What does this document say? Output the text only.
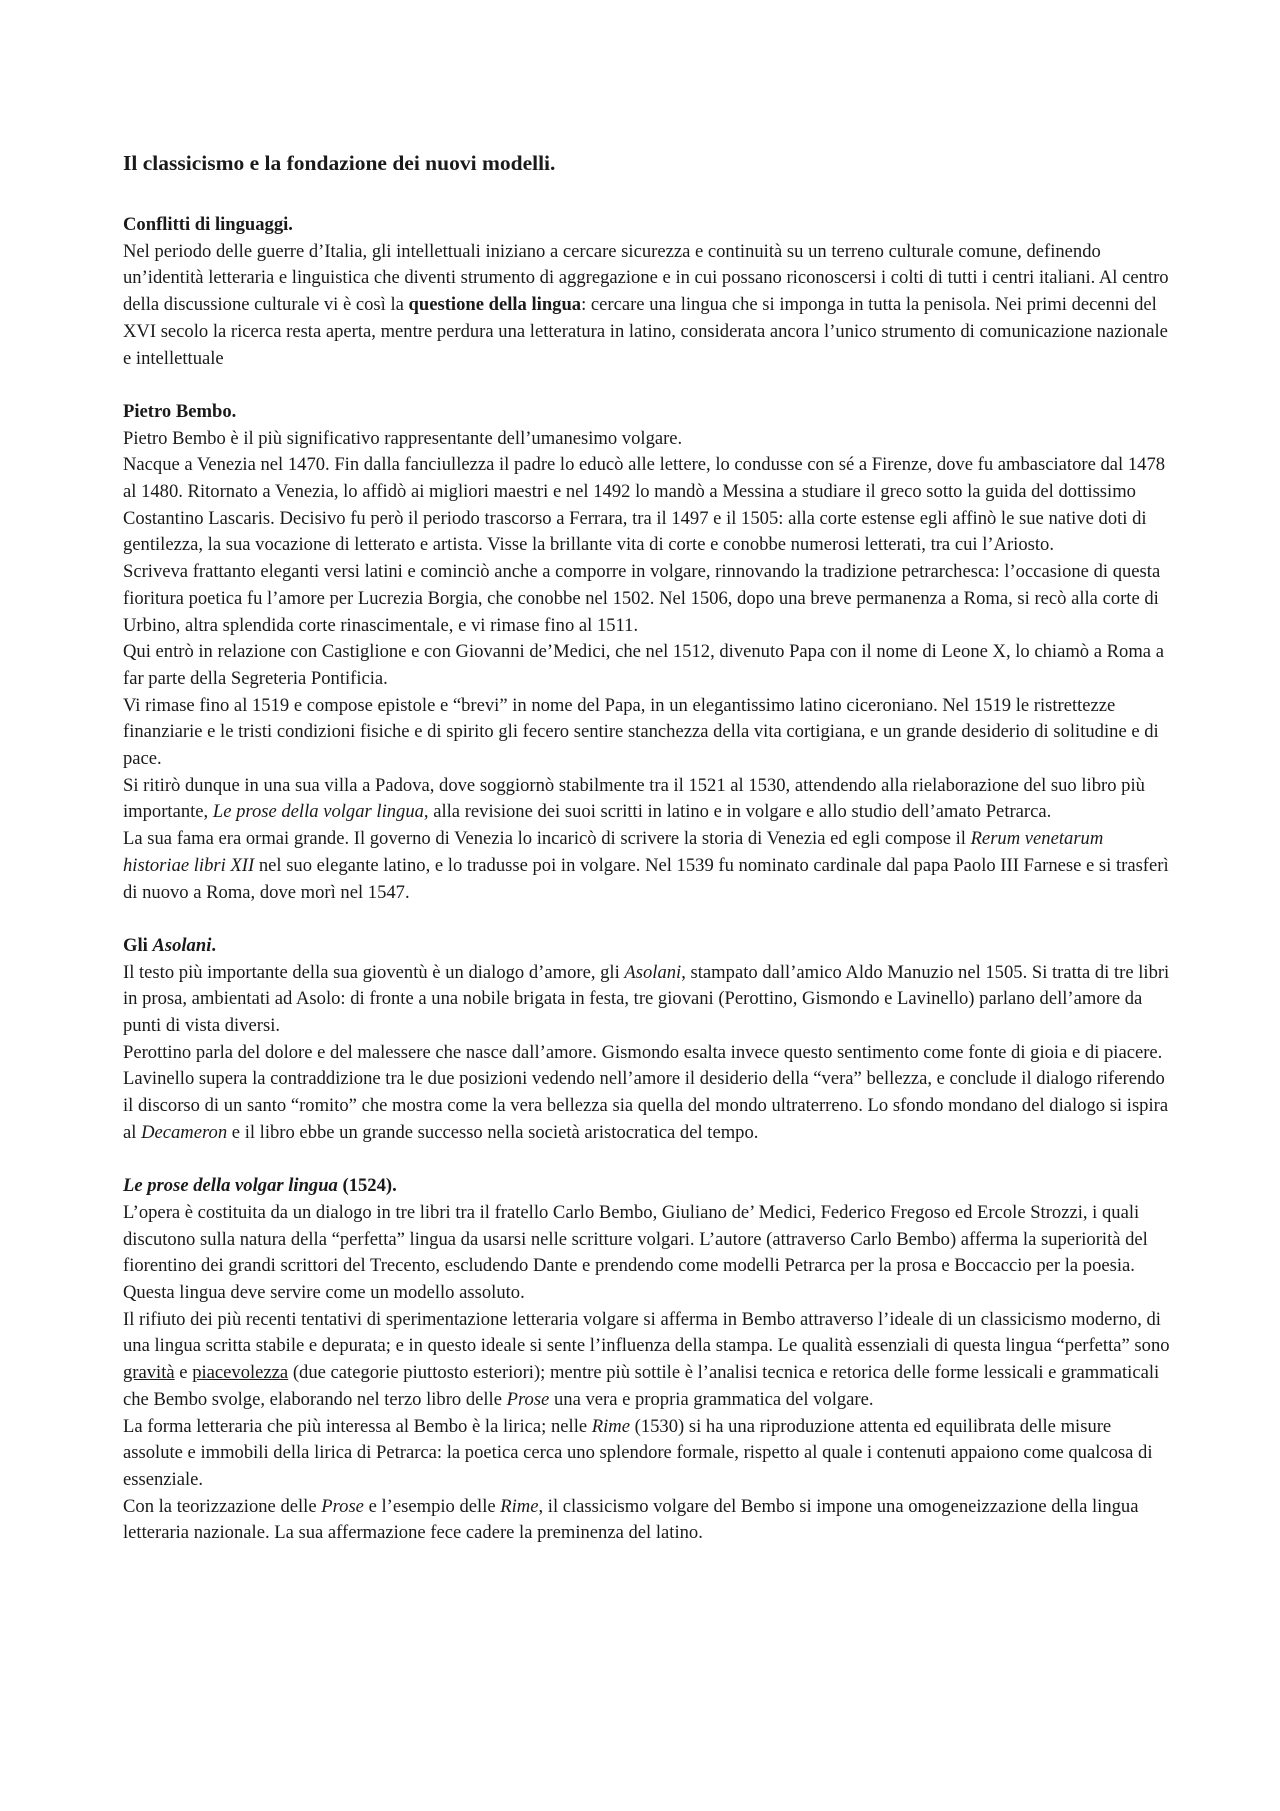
Il classicismo e la fondazione dei nuovi modelli.
Conflitti di linguaggi.

Nel periodo delle guerre d’Italia, gli intellettuali iniziano a cercare sicurezza e continuità su un terreno culturale comune, definendo un’identità letteraria e linguistica che diventi strumento di aggregazione e in cui possano riconoscersi i colti di tutti i centri italiani. Al centro della discussione culturale vi è così la questione della lingua: cercare una lingua che si imponga in tutta la penisola. Nei primi decenni del XVI secolo la ricerca resta aperta, mentre perdura una letteratura in latino, considerata ancora l’unico strumento di comunicazione nazionale e intellettuale

Pietro Bembo.

Pietro Bembo è il più significativo rappresentante dell’umanesimo volgare.

Nacque a Venezia nel 1470. Fin dalla fanciullezza il padre lo educò alle lettere, lo condusse con sé a Firenze, dove fu ambasciatore dal 1478 al 1480. Ritornato a Venezia, lo affidò ai migliori maestri e nel 1492 lo mandò a Messina a studiare il greco sotto la guida del dottissimo Costantino Lascaris. Decisivo fu però il periodo trascorso a Ferrara, tra il 1497 e il 1505: alla corte estense egli affinò le sue native doti di gentilezza, la sua vocazione di letterato e artista. Visse la brillante vita di corte e conobbe numerosi letterati, tra cui l’Ariosto.

Scriveva frattanto eleganti versi latini e cominciò anche a comporre in volgare, rinnovando la tradizione petrarchesca: l’occasione di questa fioritura poetica fu l’amore per Lucrezia Borgia, che conobbe nel 1502. Nel 1506, dopo una breve permanenza a Roma, si recò alla corte di Urbino, altra splendida corte rinascimentale, e vi rimase fino al 1511.

Qui entrò in relazione con Castiglione e con Giovanni de’Medici, che nel 1512, divenuto Papa con il nome di Leone X, lo chiamò a Roma a far parte della Segreteria Pontificia.

Vi rimase fino al 1519 e compose epistole e “brevi” in nome del Papa, in un elegantissimo latino ciceroniano. Nel 1519 le ristrettezze finanziarie e le tristi condizioni fisiche e di spirito gli fecero sentire stanchezza della vita cortigiana, e un grande desiderio di solitudine e di pace.

Si ritirò dunque in una sua villa a Padova, dove soggiornò stabilmente tra il 1521 al 1530, attendendo alla rielaborazione del suo libro più importante, Le prose della volgar lingua, alla revisione dei suoi scritti in latino e in volgare e allo studio dell’amato Petrarca.

La sua fama era ormai grande. Il governo di Venezia lo incaricò di scrivere la storia di Venezia ed egli compose il Rerum venetarum historiae libri XII nel suo elegante latino, e lo tradusse poi in volgare. Nel 1539 fu nominato cardinale dal papa Paolo III Farnese e si trasferì di nuovo a Roma, dove morì nel 1547.

Gli Asolani.

Il testo più importante della sua gioventù è un dialogo d’amore, gli Asolani, stampato dall’amico Aldo Manuzio nel 1505. Si tratta di tre libri in prosa, ambientati ad Asolo: di fronte a una nobile brigata in festa, tre giovani (Perottino, Gismondo e Lavinello) parlano dell’amore da punti di vista diversi.

Perottino parla del dolore e del malessere che nasce dall’amore. Gismondo esalta invece questo sentimento come fonte di gioia e di piacere. Lavinello supera la contraddizione tra le due posizioni vedendo nell’amore il desiderio della “vera” bellezza, e conclude il dialogo riferendo il discorso di un santo “romito” che mostra come la vera bellezza sia quella del mondo ultraterreno. Lo sfondo mondano del dialogo si ispira al Decameron e il libro ebbe un grande successo nella società aristocratica del tempo.

Le prose della volgar lingua (1524).

L’opera è costituita da un dialogo in tre libri tra il fratello Carlo Bembo, Giuliano de’ Medici, Federico Fregoso ed Ercole Strozzi, i quali discutono sulla natura della “perfetta” lingua da usarsi nelle scritture volgari. L’autore (attraverso Carlo Bembo) afferma la superiorità del fiorentino dei grandi scrittori del Trecento, escludendo Dante e prendendo come modelli Petrarca per la prosa e Boccaccio per la poesia. Questa lingua deve servire come un modello assoluto.

Il rifiuto dei più recenti tentativi di sperimentazione letteraria volgare si afferma in Bembo attraverso l’ideale di un classicismo moderno, di una lingua scritta stabile e depurata; e in questo ideale si sente l’influenza della stampa. Le qualità essenziali di questa lingua “perfetta” sono gravità e piacevolezza (due categorie piuttosto esteriori); mentre più sottile è l’analisi tecnica e retorica delle forme lessicali e grammaticali che Bembo svolge, elaborando nel terzo libro delle Prose una vera e propria grammatica del volgare.

La forma letteraria che più interessa al Bembo è la lirica; nelle Rime (1530) si ha una riproduzione attenta ed equilibrata delle misure assolute e immobili della lirica di Petrarca: la poetica cerca uno splendore formale, rispetto al quale i contenuti appaiono come qualcosa di essenziale.

Con la teorizzazione delle Prose e l’esempio delle Rime, il classicismo volgare del Bembo si impone una omogeneizzazione della lingua letteraria nazionale. La sua affermazione fece cadere la preminenza del latino.
